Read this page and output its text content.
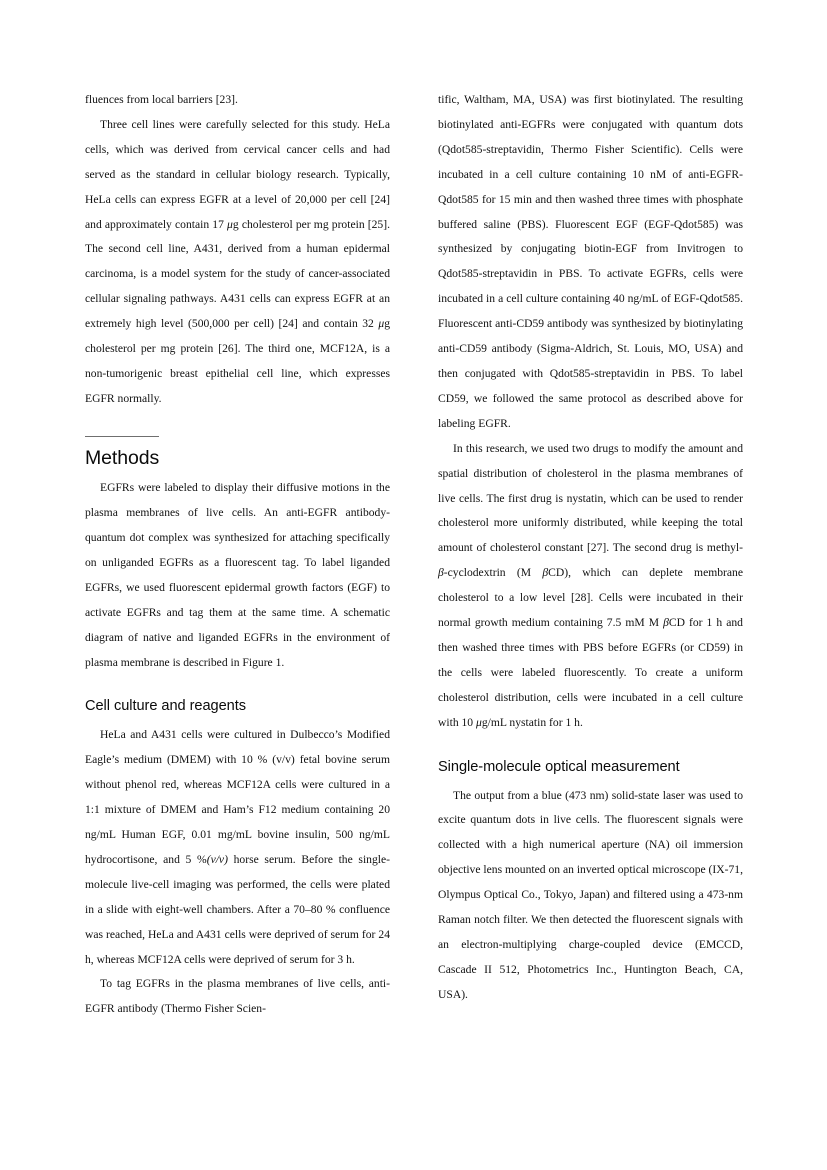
fluences from local barriers [23].

Three cell lines were carefully selected for this study. HeLa cells, which was derived from cervical cancer cells and had served as the standard in cellular biology research. Typically, HeLa cells can express EGFR at a level of 20,000 per cell [24] and approximately contain 17 μg cholesterol per mg protein [25]. The second cell line, A431, derived from a human epidermal carcinoma, is a model system for the study of cancer-associated cellular signaling pathways. A431 cells can express EGFR at an extremely high level (500,000 per cell) [24] and contain 32 μg cholesterol per mg protein [26]. The third one, MCF12A, is a non-tumorigenic breast epithelial cell line, which expresses EGFR normally.

Methods

EGFRs were labeled to display their diffusive motions in the plasma membranes of live cells. An anti-EGFR antibody-quantum dot complex was synthesized for attaching specifically on unliganded EGFRs as a fluorescent tag. To label liganded EGFRs, we used fluorescent epidermal growth factors (EGF) to activate EGFRs and tag them at the same time. A schematic diagram of native and liganded EGFRs in the environment of plasma membrane is described in Figure 1.

Cell culture and reagents

HeLa and A431 cells were cultured in Dulbecco’s Modified Eagle’s medium (DMEM) with 10 % (v/v) fetal bovine serum without phenol red, whereas MCF12A cells were cultured in a 1:1 mixture of DMEM and Ham’s F12 medium containing 20 ng/mL Human EGF, 0.01 mg/mL bovine insulin, 500 ng/mL hydrocortisone, and 5 %(v/v) horse serum. Before the single-molecule live-cell imaging was performed, the cells were plated in a slide with eight-well chambers. After a 70–80 % confluence was reached, HeLa and A431 cells were deprived of serum for 24 h, whereas MCF12A cells were deprived of serum for 3 h.

To tag EGFRs in the plasma membranes of live cells, anti-EGFR antibody (Thermo Fisher Scien-

tific, Waltham, MA, USA) was first biotinylated. The resulting biotinylated anti-EGFRs were conjugated with quantum dots (Qdot585-streptavidin, Thermo Fisher Scientific). Cells were incubated in a cell culture containing 10 nM of anti-EGFR-Qdot585 for 15 min and then washed three times with phosphate buffered saline (PBS). Fluorescent EGF (EGF-Qdot585) was synthesized by conjugating biotin-EGF from Invitrogen to Qdot585-streptavidin in PBS. To activate EGFRs, cells were incubated in a cell culture containing 40 ng/mL of EGF-Qdot585. Fluorescent anti-CD59 antibody was synthesized by biotinylating anti-CD59 antibody (Sigma-Aldrich, St. Louis, MO, USA) and then conjugated with Qdot585-streptavidin in PBS. To label CD59, we followed the same protocol as described above for labeling EGFR.

In this research, we used two drugs to modify the amount and spatial distribution of cholesterol in the plasma membranes of live cells. The first drug is nystatin, which can be used to render cholesterol more uniformly distributed, while keeping the total amount of cholesterol constant [27]. The second drug is methyl- β-cyclodextrin (M βCD), which can deplete membrane cholesterol to a low level [28]. Cells were incubated in their normal growth medium containing 7.5 mM M βCD for 1 h and then washed three times with PBS before EGFRs (or CD59) in the cells were labeled fluorescently. To create a uniform cholesterol distribution, cells were incubated in a cell culture with 10 μg/mL nystatin for 1 h.

Single-molecule optical measurement

The output from a blue (473 nm) solid-state laser was used to excite quantum dots in live cells. The fluorescent signals were collected with a high numerical aperture (NA) oil immersion objective lens mounted on an inverted optical microscope (IX-71, Olympus Optical Co., Tokyo, Japan) and filtered using a 473-nm Raman notch filter. We then detected the fluorescent signals with an electron-multiplying charge-coupled device (EMCCD, Cascade II 512, Photometrics Inc., Huntington Beach, CA, USA).
